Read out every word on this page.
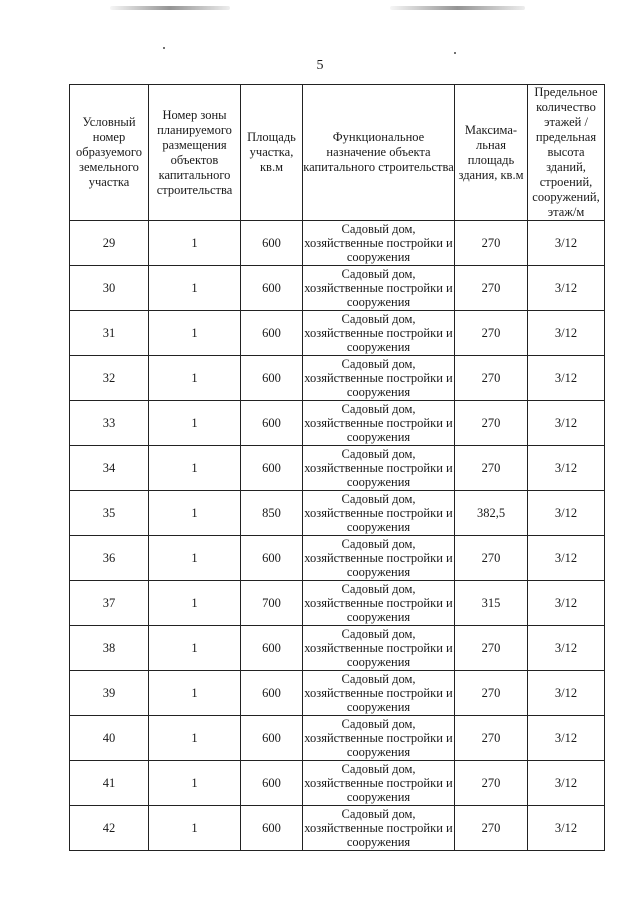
5
Условный номер образуемого земельного участка	Номер зоны планируемого размещения объектов капитального строительства	Площадь участка, кв.м	Функциональное назначение объекта капитального строительства	Максима-льная площадь здания, кв.м	Предельное количество этажей / предельная высота зданий, строений, сооружений, этаж/м
29	1	600	Садовый дом, хозяйственные постройки и сооружения	270	3/12
30	1	600	Садовый дом, хозяйственные постройки и сооружения	270	3/12
31	1	600	Садовый дом, хозяйственные постройки и сооружения	270	3/12
32	1	600	Садовый дом, хозяйственные постройки и сооружения	270	3/12
33	1	600	Садовый дом, хозяйственные постройки и сооружения	270	3/12
34	1	600	Садовый дом, хозяйственные постройки и сооружения	270	3/12
35	1	850	Садовый дом, хозяйственные постройки и сооружения	382,5	3/12
36	1	600	Садовый дом, хозяйственные постройки и сооружения	270	3/12
37	1	700	Садовый дом, хозяйственные постройки и сооружения	315	3/12
38	1	600	Садовый дом, хозяйственные постройки и сооружения	270	3/12
39	1	600	Садовый дом, хозяйственные постройки и сооружения	270	3/12
40	1	600	Садовый дом, хозяйственные постройки и сооружения	270	3/12
41	1	600	Садовый дом, хозяйственные постройки и сооружения	270	3/12
42	1	600	Садовый дом, хозяйственные постройки и сооружения	270	3/12
